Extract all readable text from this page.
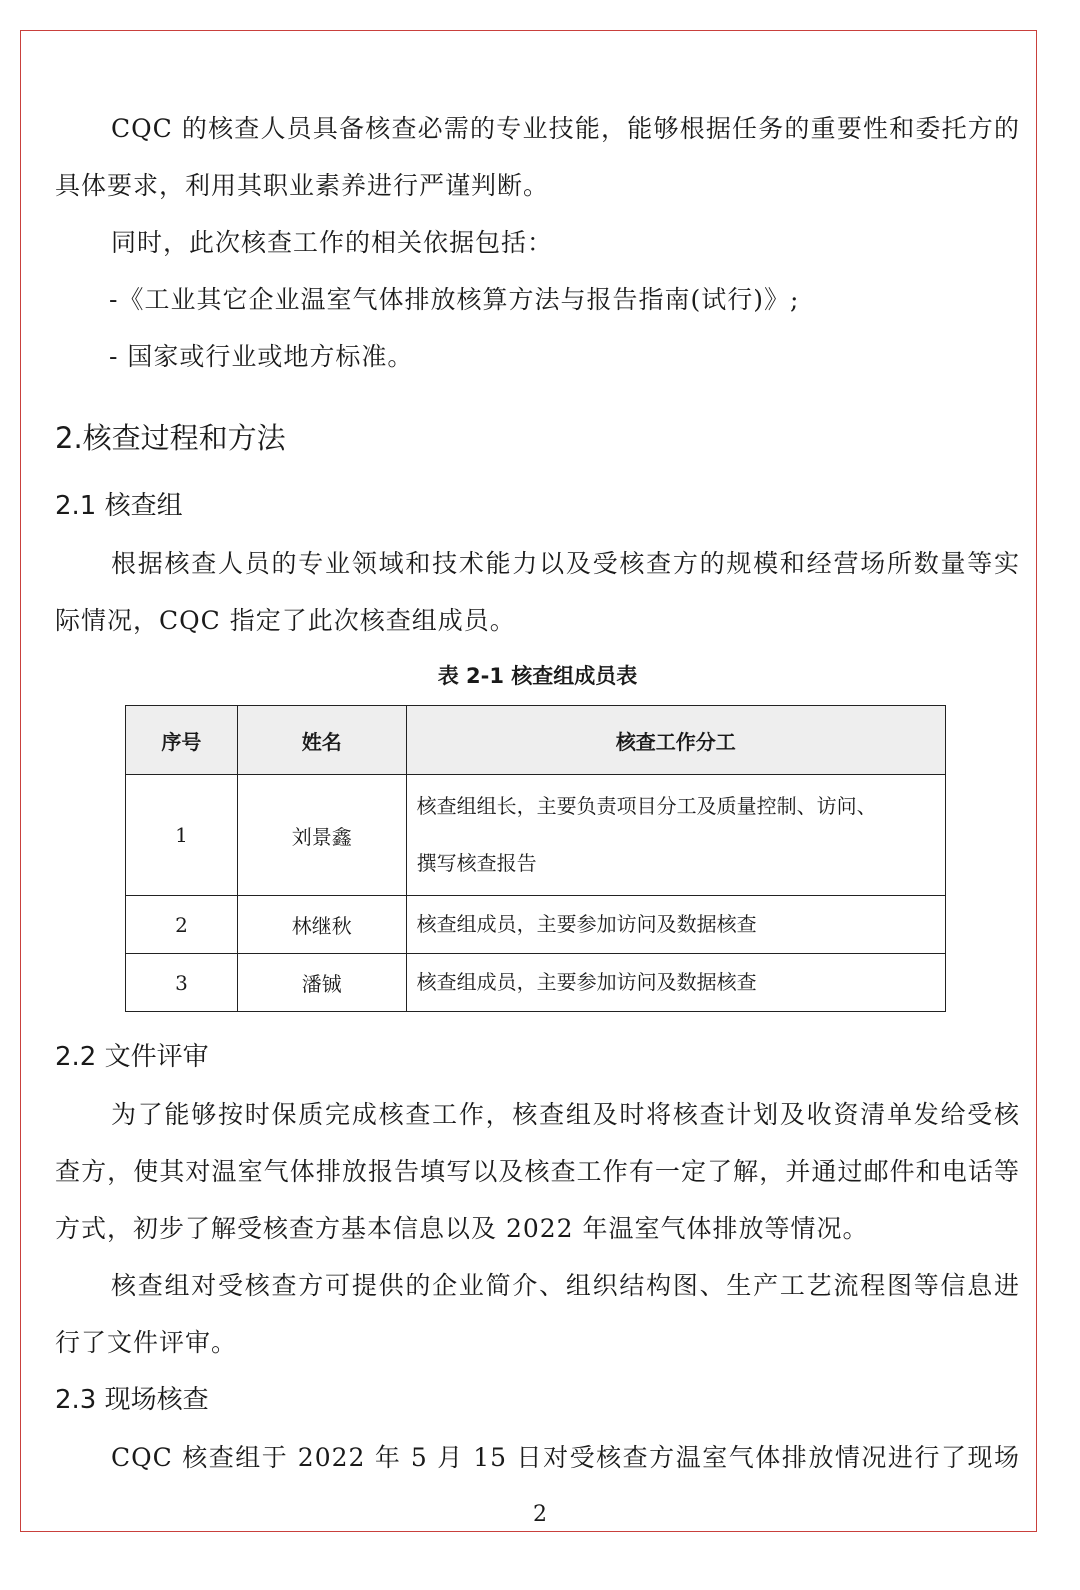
CQC 的核查人员具备核查必需的专业技能，能够根据任务的重要性和委托方的具体要求，利用其职业素养进行严谨判断。

同时，此次核查工作的相关依据包括：

-《工业其它企业温室气体排放核算方法与报告指南(试行)》;

- 国家或行业或地方标准。

2.核查过程和方法
2.1 核查组

根据核查人员的专业领域和技术能力以及受核查方的规模和经营场所数量等实际情况，CQC 指定了此次核查组成员。

表 2-1 核查组成员表
序号	姓名	核查工作分工
1	刘景鑫	核查组组长，主要负责项目分工及质量控制、访问、
撰写核查报告

2	林继秋	核查组成员，主要参加访问及数据核查
3	潘铖	核查组成员，主要参加访问及数据核查
2.2 文件评审

为了能够按时保质完成核查工作，核查组及时将核查计划及收资清单发给受核查方，使其对温室气体排放报告填写以及核查工作有一定了解，并通过邮件和电话等方式，初步了解受核查方基本信息以及 2022 年温室气体排放等情况。

核查组对受核查方可提供的企业简介、组织结构图、生产工艺流程图等信息进行了文件评审。

2.3 现场核查

CQC 核查组于 2022 年 5 月 15 日对受核查方温室气体排放情况进行了现场

2
